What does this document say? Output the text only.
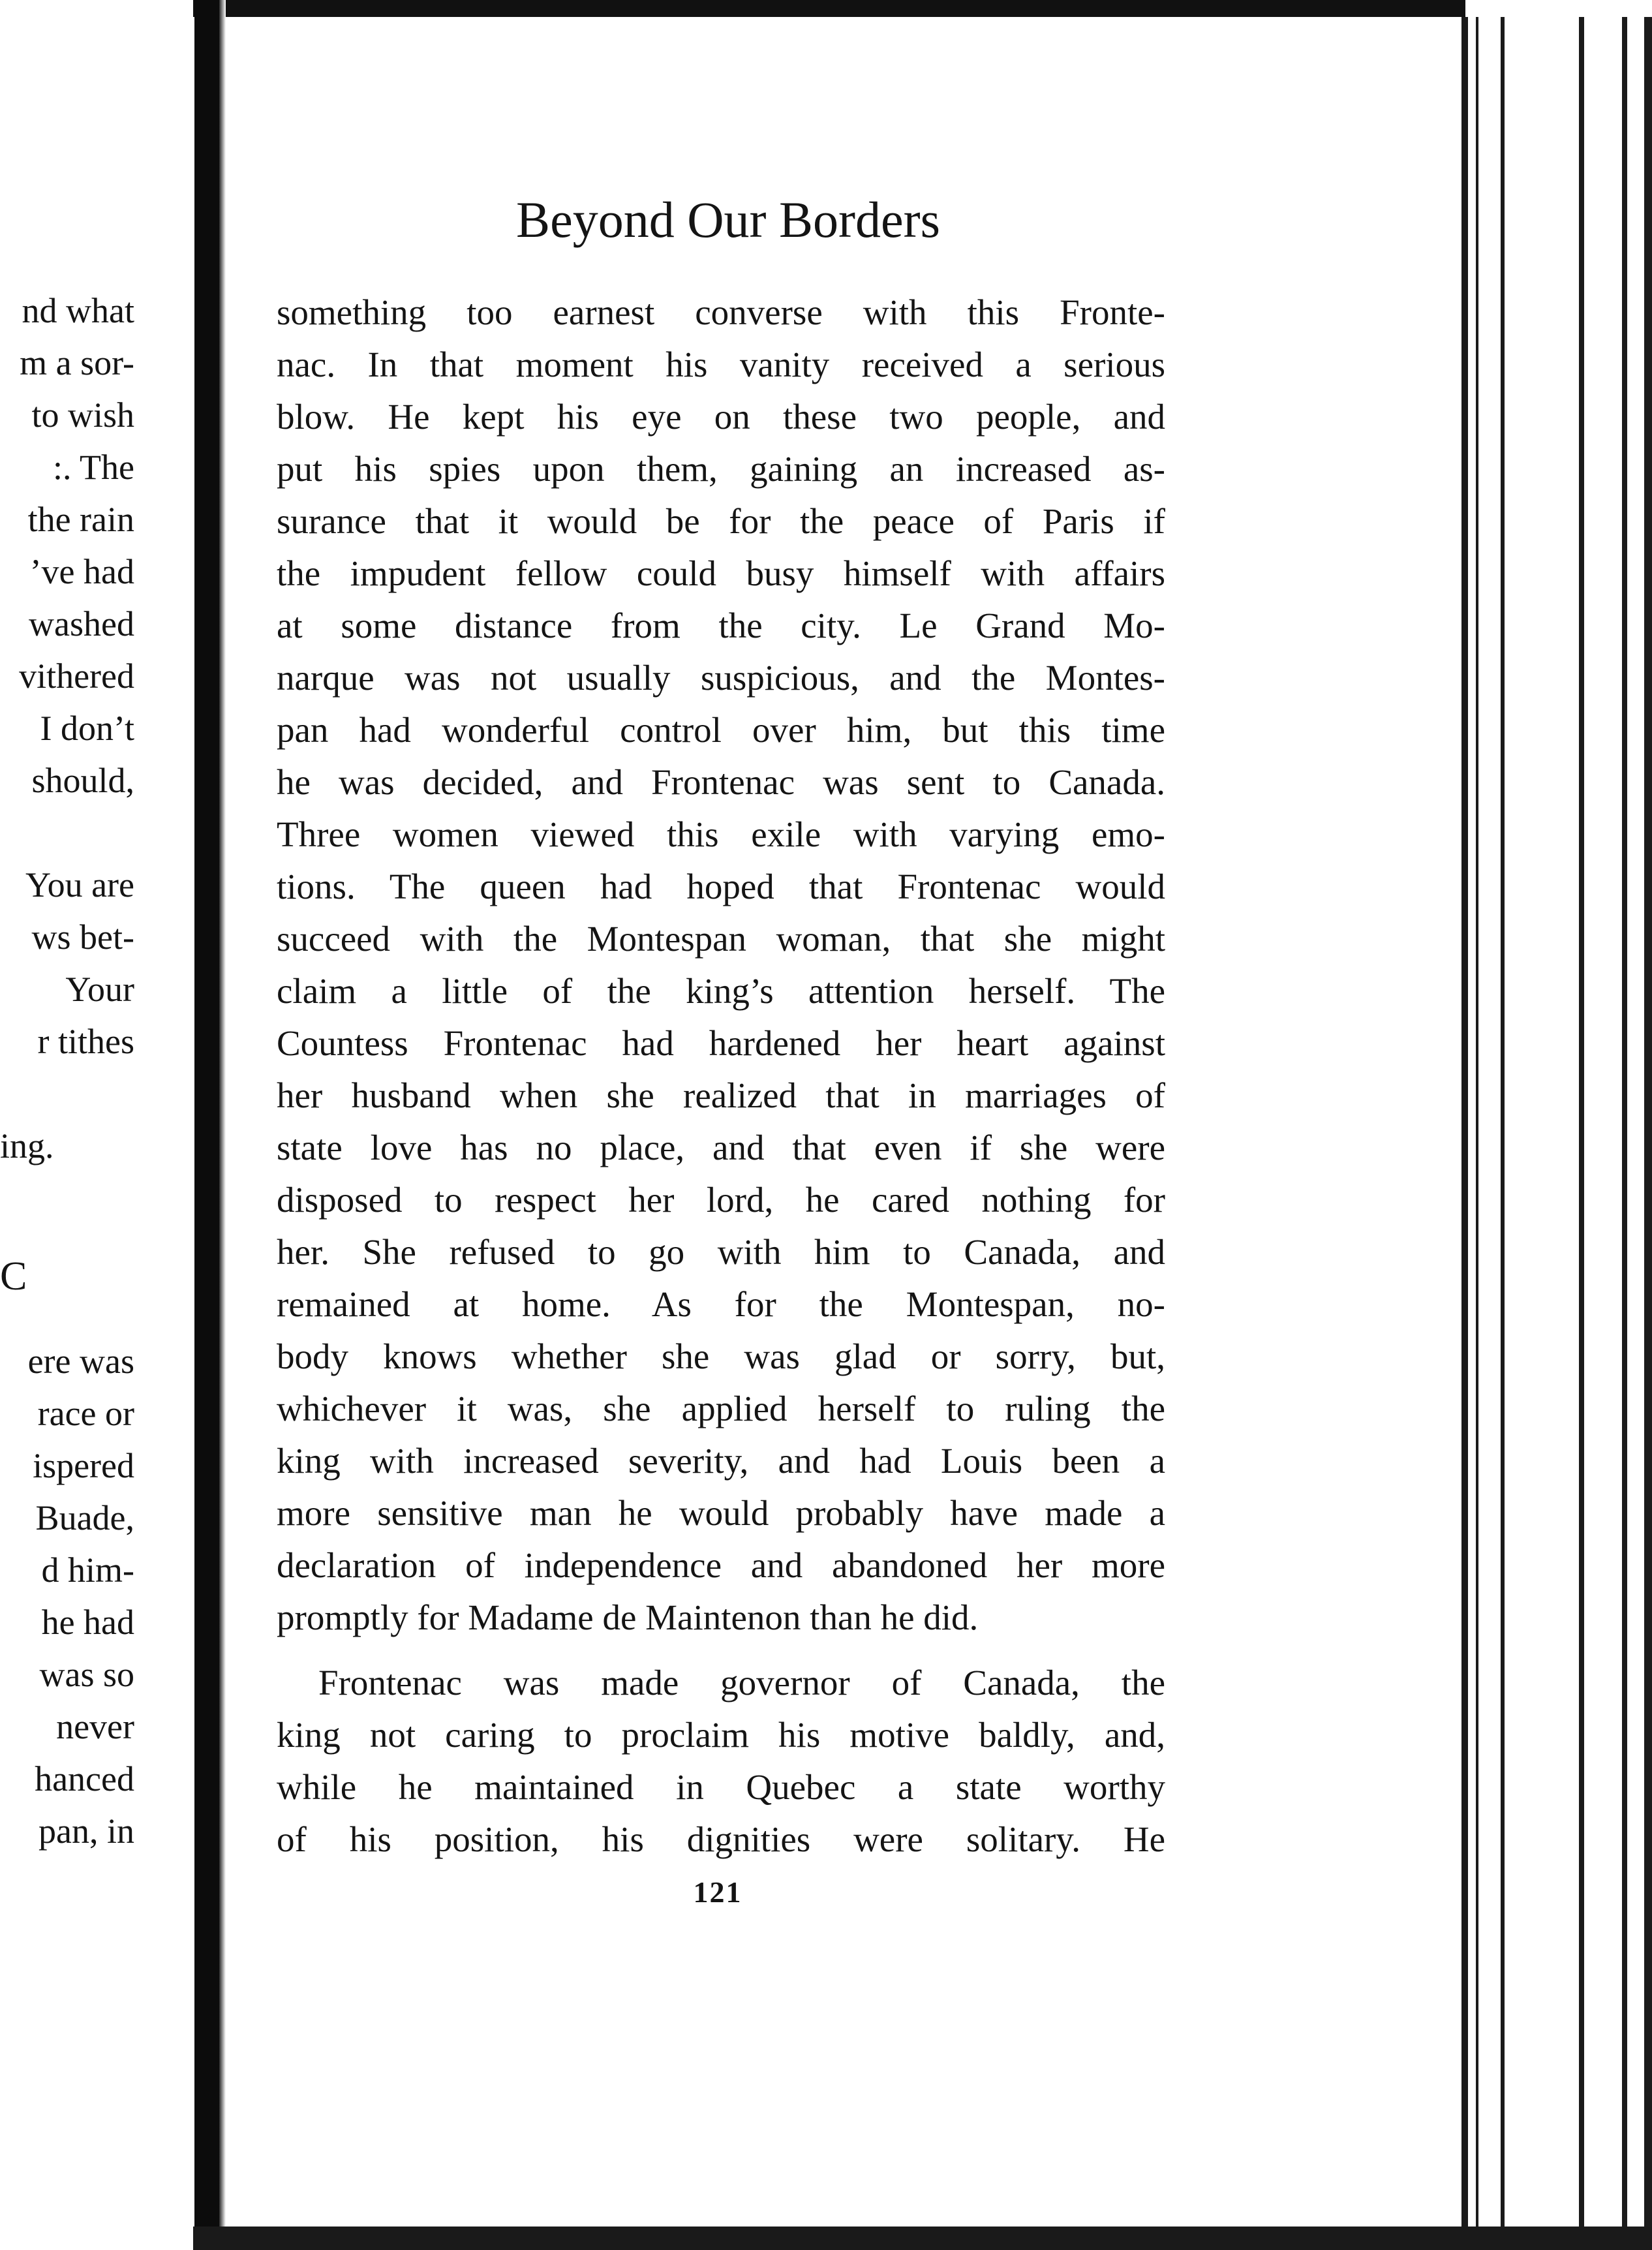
nd what
m a sor-
to wish
:. The
the rain
’ve had
washed
vithered
I don’t
should,
You are
ws bet-
Your
r tithes
ing.
C
ere was
race or
ispered
Buade,
d him-
he had
was so
never
hanced
pan, in
Beyond Our Borders
something too earnest converse with this Fronte-
nac. In that moment his vanity received a serious
blow. He kept his eye on these two people, and
put his spies upon them, gaining an increased as-
surance that it would be for the peace of Paris if
the impudent fellow could busy himself with affairs
at some distance from the city. Le Grand Mo-
narque was not usually suspicious, and the Montes-
pan had wonderful control over him, but this time
he was decided, and Frontenac was sent to Canada.
Three women viewed this exile with varying emo-
tions. The queen had hoped that Frontenac would
succeed with the Montespan woman, that she might
claim a little of the king’s attention herself. The
Countess Frontenac had hardened her heart against
her husband when she realized that in marriages of
state love has no place, and that even if she were
disposed to respect her lord, he cared nothing for
her. She refused to go with him to Canada, and
remained at home. As for the Montespan, no-
body knows whether she was glad or sorry, but,
whichever it was, she applied herself to ruling the
king with increased severity, and had Louis been a
more sensitive man he would probably have made a
declaration of independence and abandoned her more
promptly for Madame de Maintenon than he did.
Frontenac was made governor of Canada, the
king not caring to proclaim his motive baldly, and,
while he maintained in Quebec a state worthy
of his position, his dignities were solitary. He
121
